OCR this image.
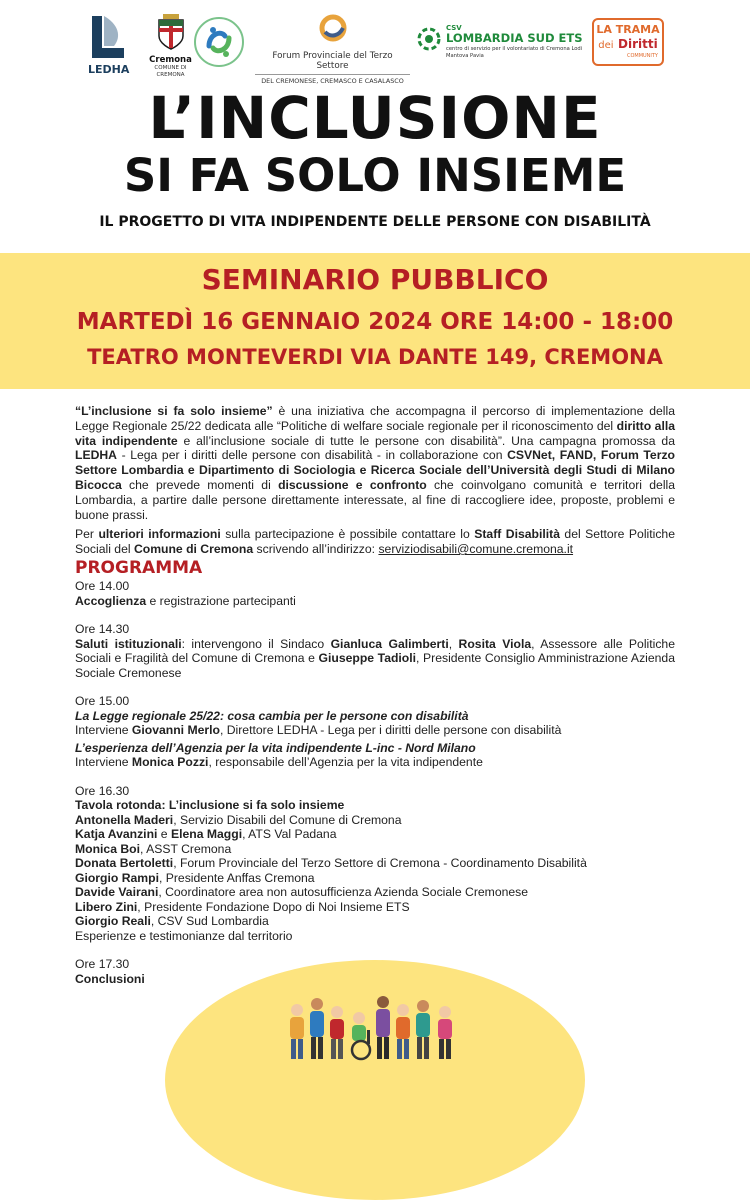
LEDHA
Cremona
COMUNE DI CREMONA
Forum Provinciale del Terzo Settore
DEL CREMONESE, CREMASCO E CASALASCO
CSV
LOMBARDIA SUD ETS
centro di servizio per il volontariato di Cremona Lodi Mantova Pavia
LA TRAMA
dei Diritti
COMMUNITY
L’INCLUSIONE
SI FA SOLO INSIEME
IL PROGETTO DI VITA INDIPENDENTE DELLE PERSONE CON DISABILITÀ
SEMINARIO PUBBLICO
MARTEDÌ 16 GENNAIO 2024 ORE 14:00 - 18:00
TEATRO MONTEVERDI VIA DANTE 149, CREMONA

“L’inclusione si fa solo insieme” è una iniziativa che accompagna il percorso di implementazione della Legge Regionale 25/22 dedicata alle “Politiche di welfare sociale regionale per il riconoscimento del diritto alla vita indipendente e all’inclusione sociale di tutte le persone con disabilità”. Una campagna promossa da LEDHA - Lega per i diritti delle persone con disabilità - in collaborazione con CSVNet, FAND, Forum Terzo Settore Lombardia e Dipartimento di Sociologia e Ricerca Sociale dell’Università degli Studi di Milano Bicocca che prevede momenti di discussione e confronto che coinvolgano comunità e territori della Lombardia, a partire dalle persone direttamente interessate, al fine di raccogliere idee, proposte, problemi e buone prassi.

Per ulteriori informazioni sulla partecipazione è possibile contattare lo Staff Disabilità del Settore Politiche Sociali del Comune di Cremona scrivendo all’indirizzo: serviziodisabili@comune.cremona.it

PROGRAMMA
Ore 14.00

Accoglienza e registrazione partecipanti

Ore 14.30

Saluti istituzionali: intervengono il Sindaco Gianluca Galimberti, Rosita Viola, Assessore alle Politiche Sociali e Fragilità del Comune di Cremona e Giuseppe Tadioli, Presidente Consiglio Amministrazione Azienda Sociale Cremonese

Ore 15.00

La Legge regionale 25/22: cosa cambia per le persone con disabilità

Interviene Giovanni Merlo, Direttore LEDHA - Lega per i diritti delle persone con disabilità

L’esperienza dell’Agenzia per la vita indipendente L-inc - Nord Milano

Interviene Monica Pozzi, responsabile dell’Agenzia per la vita indipendente

Ore 16.30

Tavola rotonda: L’inclusione si fa solo insieme

Antonella Maderi, Servizio Disabili del Comune di Cremona

Katja Avanzini e Elena Maggi, ATS Val Padana

Monica Boi, ASST Cremona

Donata Bertoletti, Forum Provinciale del Terzo Settore di Cremona - Coordinamento Disabilità

Giorgio Rampi, Presidente Anffas Cremona

Davide Vairani, Coordinatore area non autosufficienza Azienda Sociale Cremonese

Libero Zini, Presidente Fondazione Dopo di Noi Insieme ETS

Giorgio Reali, CSV Sud Lombardia

Esperienze e testimonianze dal territorio

Ore 17.30

Conclusioni
